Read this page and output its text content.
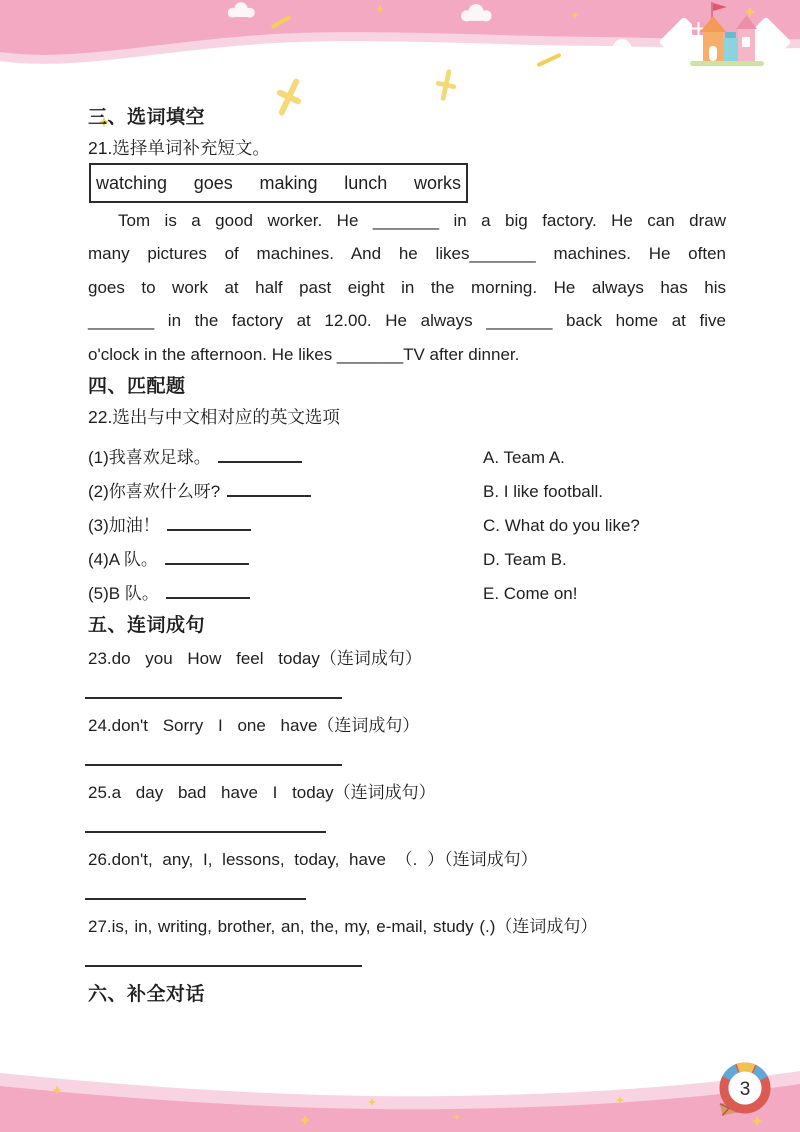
三、选词填空
21.选择单词补充短文。
watching goes making lunch works
Tom is a good worker. He _______ in a big factory. He can draw
many pictures of machines. And he likes_______ machines. He often
goes to work at half past eight in the morning. He always has his
_______ in the factory at 12.00. He always _______ back home at five
o'clock in the afternoon. He likes _______TV after dinner.
四、匹配题
22.选出与中文相对应的英文选项
(1)我喜欢足球。	A. Team A.
(2)你喜欢什么呀?	B. I like football.
(3)加油！	C. What do you like?
(4)A 队。	D. Team B.
(5)B 队。	E. Come on!
五、连词成句
23.do you How feel today（连词成句）
24.don't Sorry I one have（连词成句）
25.a day bad have I today（连词成句）
26.don't, any, I, lessons, today, have （. ）（连词成句）
27.is, in, writing, brother, an, the, my, e-mail, study (.)（连词成句）
六、补全对话
3
